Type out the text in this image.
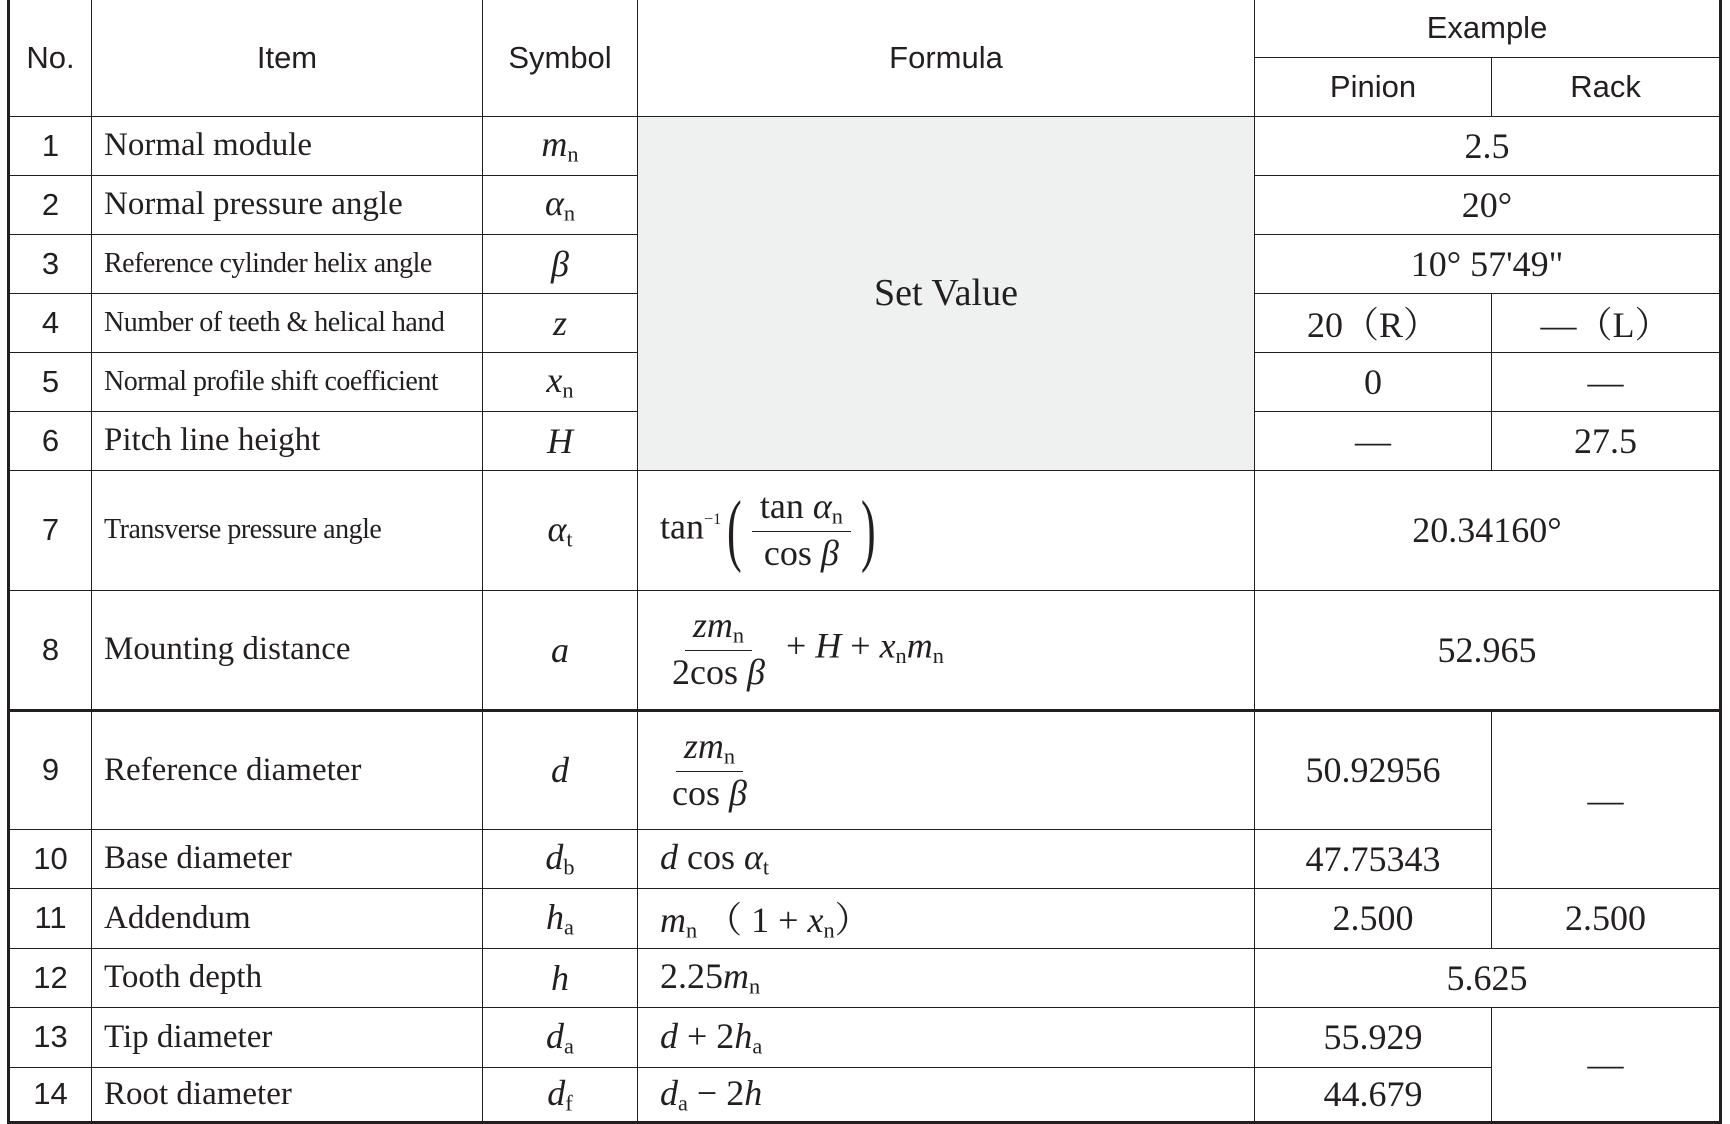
No.	Item	Symbol	Formula	Example	
				Pinion	Rack
1	Normal module	$m_n$	Set Value	2.5	
2	Normal pressure angle	$\alpha_n$		20°	
3	Reference cylinder helix angle	β		10° 57'49"	
4	Number of teeth & helical hand	z		20（R）	—（L）
5	Normal profile shift coefficient	$x_n$		0	—
6	Pitch line height	H		—	27.5
7	Transverse pressure angle	$\alpha_t$	$\tan^{-1}( \frac{\tan \alpha_n}{\text{cos β}}$ )	20.34160°	
8	Mounting distance	a	$\frac{zm_n}{\text{2cos β}} + H + x_nm_n$	52.965	
9	Reference diameter	d	$\frac{zm_n}{\text{cos β}}$	50.92956	—
10	Base diameter	$d_b$	d $\cos \alpha_t$	47.75343	
11	Addendum	$h_a$	$m_n$ （ $1 + x_n$）	2.500	2.500
12	Tooth depth	h	$2.25m_n$	5.625	
13	Tip diameter	$d_a$	$d + 2h_a$	55.929	—
14	Root diameter	$d_f$	$d_a - 2h$	44.679	
